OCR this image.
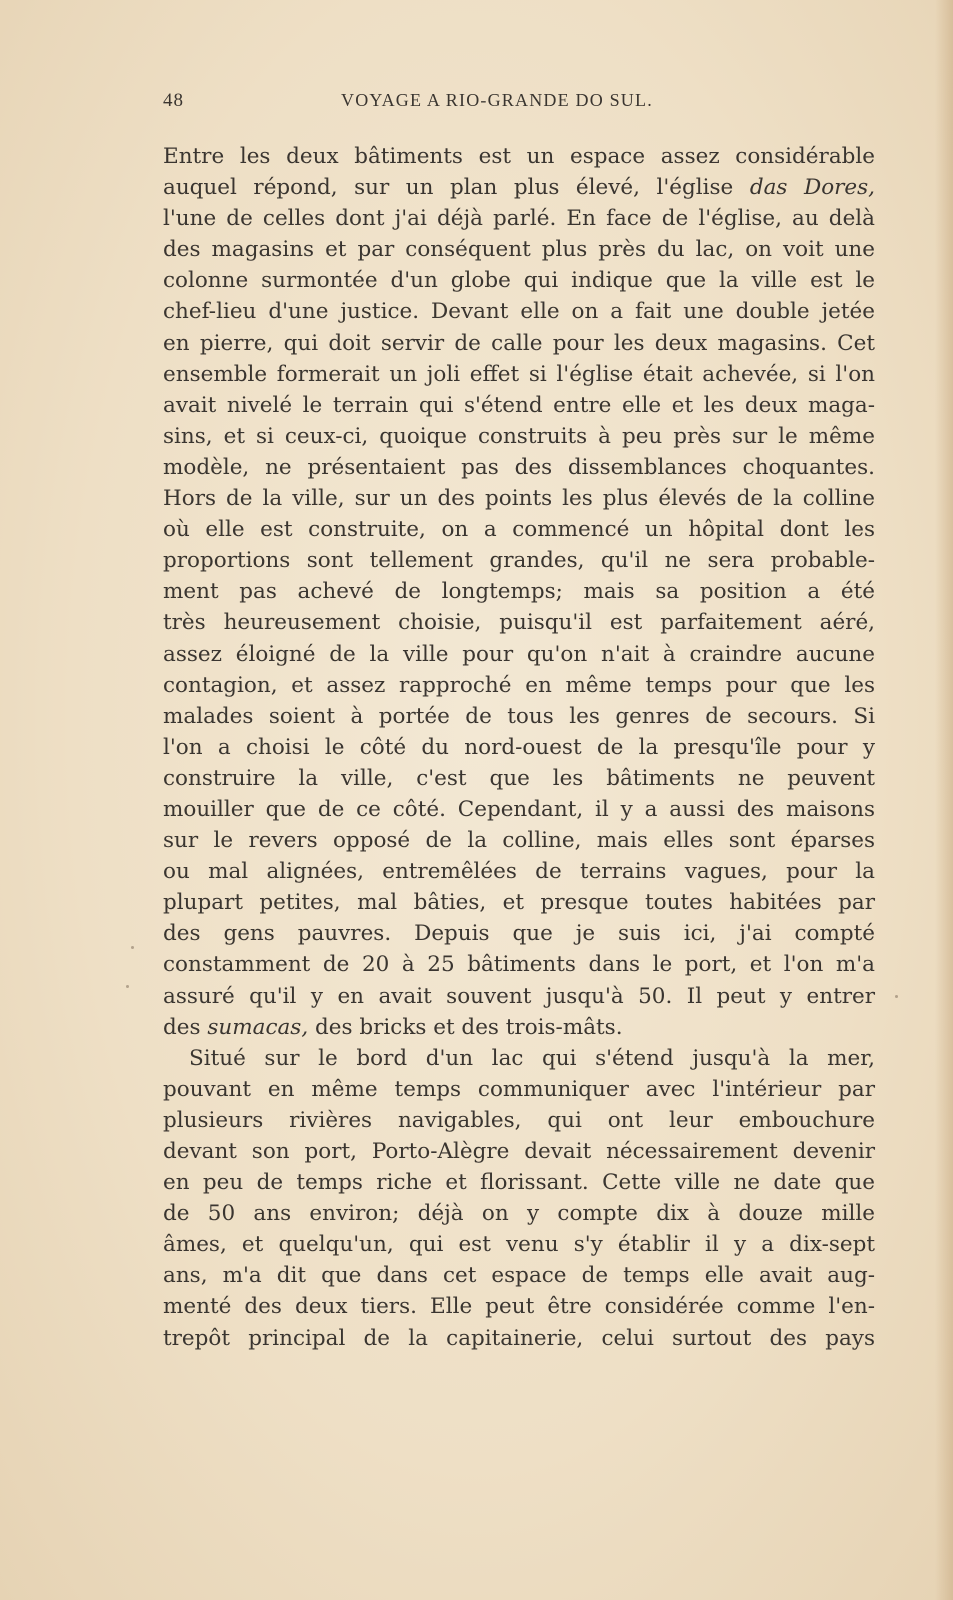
48	VOYAGE A RIO-GRANDE DO SUL.
Entre les deux bâtiments est un espace assez considérable
auquel répond, sur un plan plus élevé, l'église das Dores,
l'une de celles dont j'ai déjà parlé. En face de l'église, au delà
des magasins et par conséquent plus près du lac, on voit une
colonne surmontée d'un globe qui indique que la ville est le
chef-lieu d'une justice. Devant elle on a fait une double jetée
en pierre, qui doit servir de calle pour les deux magasins. Cet
ensemble formerait un joli effet si l'église était achevée, si l'on
avait nivelé le terrain qui s'étend entre elle et les deux maga-
sins, et si ceux-ci, quoique construits à peu près sur le même
modèle, ne présentaient pas des dissemblances choquantes.
Hors de la ville, sur un des points les plus élevés de la colline
où elle est construite, on a commencé un hôpital dont les
proportions sont tellement grandes, qu'il ne sera probable-
ment pas achevé de longtemps; mais sa position a été
très heureusement choisie, puisqu'il est parfaitement aéré,
assez éloigné de la ville pour qu'on n'ait à craindre aucune
contagion, et assez rapproché en même temps pour que les
malades soient à portée de tous les genres de secours. Si
l'on a choisi le côté du nord-ouest de la presqu'île pour y
construire la ville, c'est que les bâtiments ne peuvent
mouiller que de ce côté. Cependant, il y a aussi des maisons
sur le revers opposé de la colline, mais elles sont éparses
ou mal alignées, entremêlées de terrains vagues, pour la
plupart petites, mal bâties, et presque toutes habitées par
des gens pauvres. Depuis que je suis ici, j'ai compté
constamment de 20 à 25 bâtiments dans le port, et l'on m'a
assuré qu'il y en avait souvent jusqu'à 50. Il peut y entrer
des sumacas, des bricks et des trois-mâts.
Situé sur le bord d'un lac qui s'étend jusqu'à la mer,
pouvant en même temps communiquer avec l'intérieur par
plusieurs rivières navigables, qui ont leur embouchure
devant son port, Porto-Alègre devait nécessairement devenir
en peu de temps riche et florissant. Cette ville ne date que
de 50 ans environ; déjà on y compte dix à douze mille
âmes, et quelqu'un, qui est venu s'y établir il y a dix-sept
ans, m'a dit que dans cet espace de temps elle avait aug-
menté des deux tiers. Elle peut être considérée comme l'en-
trepôt principal de la capitainerie, celui surtout des pays
